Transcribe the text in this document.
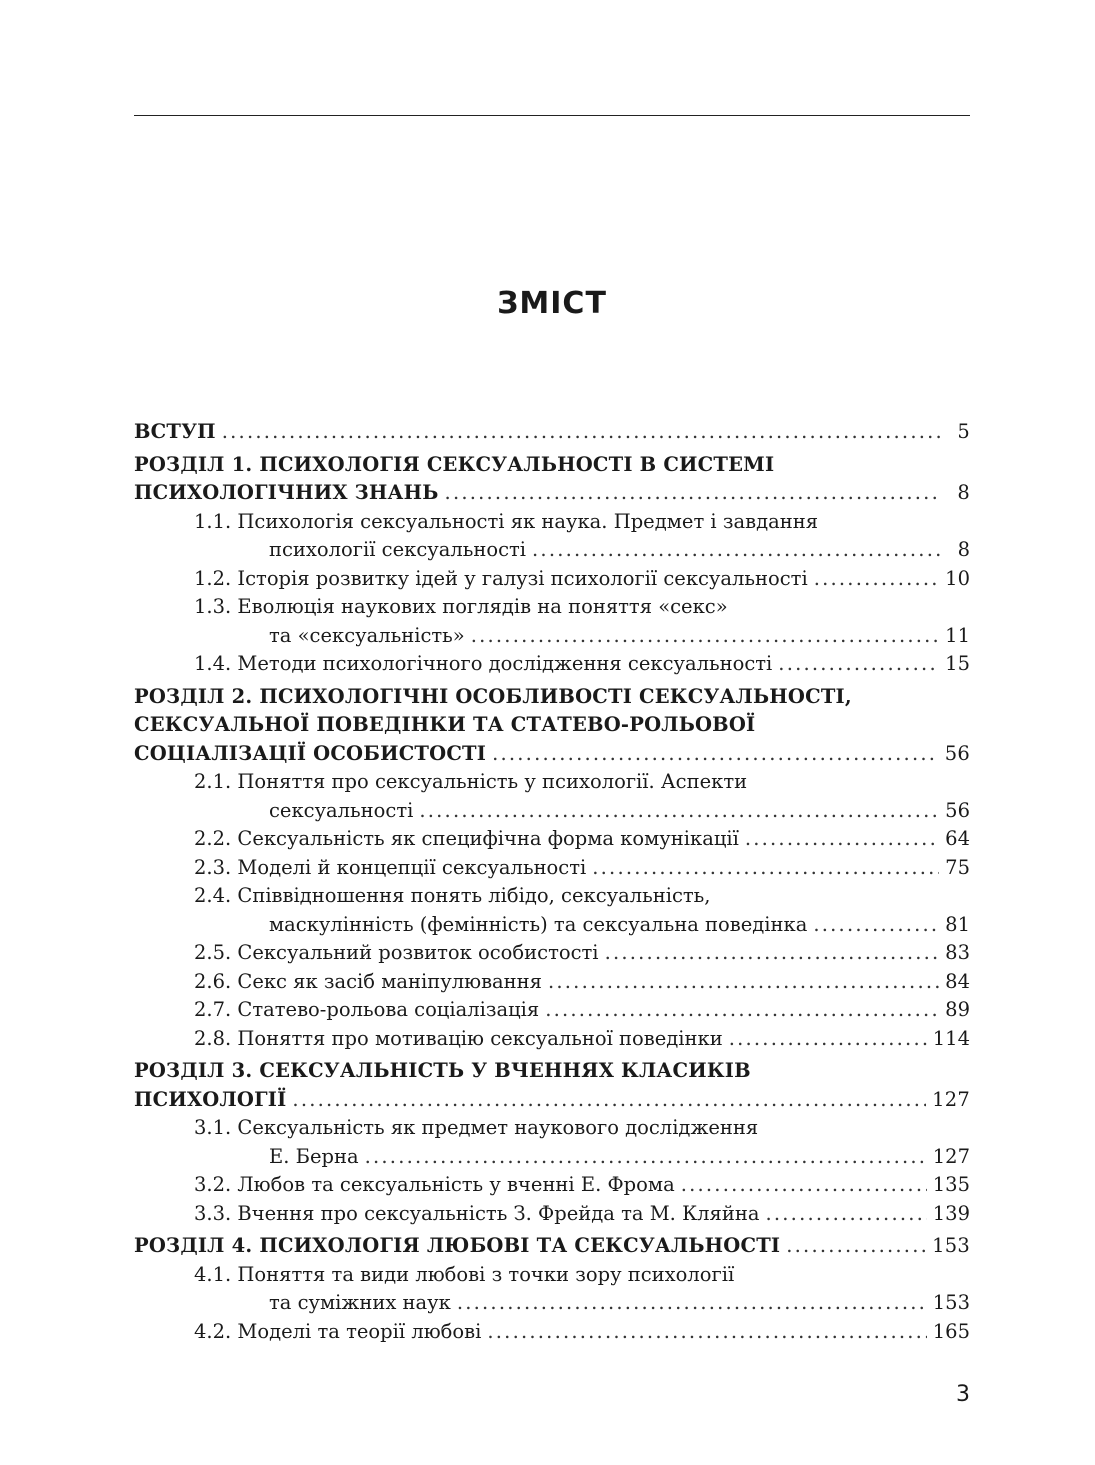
ЗМІСТ
ВСТУП . . .	5
РОЗДІЛ 1. ПСИХОЛОГІЯ СЕКСУАЛЬНОСТІ В СИСТЕМІ
ПСИХОЛОГІЧНИХ ЗНАНЬ . . .	8
1.1. Психологія сексуальності як наука. Предмет і завдання
психології сексуальності . . .	8
1.2. Історія розвитку ідей у галузі психології сексуальності . . .	10
1.3. Еволюція наукових поглядів на поняття «секс»
та «сексуальність» . . .	11
1.4. Методи психологічного дослідження сексуальності . . .	15
РОЗДІЛ 2. ПСИХОЛОГІЧНІ ОСОБЛИВОСТІ СЕКСУАЛЬНОСТІ,
СЕКСУАЛЬНОЇ ПОВЕДІНКИ ТА СТАТЕВО-РОЛЬОВОЇ
СОЦІАЛІЗАЦІЇ ОСОБИСТОСТІ . . .	56
2.1. Поняття про сексуальність у психології. Аспекти
сексуальності . . .	56
2.2. Сексуальність як специфічна форма комунікації . . .	64
2.3. Моделі й концепції сексуальності . . .	75
2.4. Співвідношення понять лібідо, сексуальність,
маскулінність (фемінність) та сексуальна поведінка . . .	81
2.5. Сексуальний розвиток особистості . . .	83
2.6. Секс як засіб маніпулювання . . .	84
2.7. Статево-рольова соціалізація . . .	89
2.8. Поняття про мотивацію сексуальної поведінки . . .	114
РОЗДІЛ 3. СЕКСУАЛЬНІСТЬ У ВЧЕННЯХ КЛАСИКІВ
ПСИХОЛОГІЇ . . .	127
3.1. Сексуальність як предмет наукового дослідження
Е. Берна . . .	127
3.2. Любов та сексуальність у вченні Е. Фрома . . .	135
3.3. Вчення про сексуальність З. Фрейда та М. Кляйна . . .	139
РОЗДІЛ 4. ПСИХОЛОГІЯ ЛЮБОВІ ТА СЕКСУАЛЬНОСТІ . . .	153
4.1. Поняття та види любові з точки зору психології
та суміжних наук . . .	153
4.2. Моделі та теорії любові . . .	165
3
